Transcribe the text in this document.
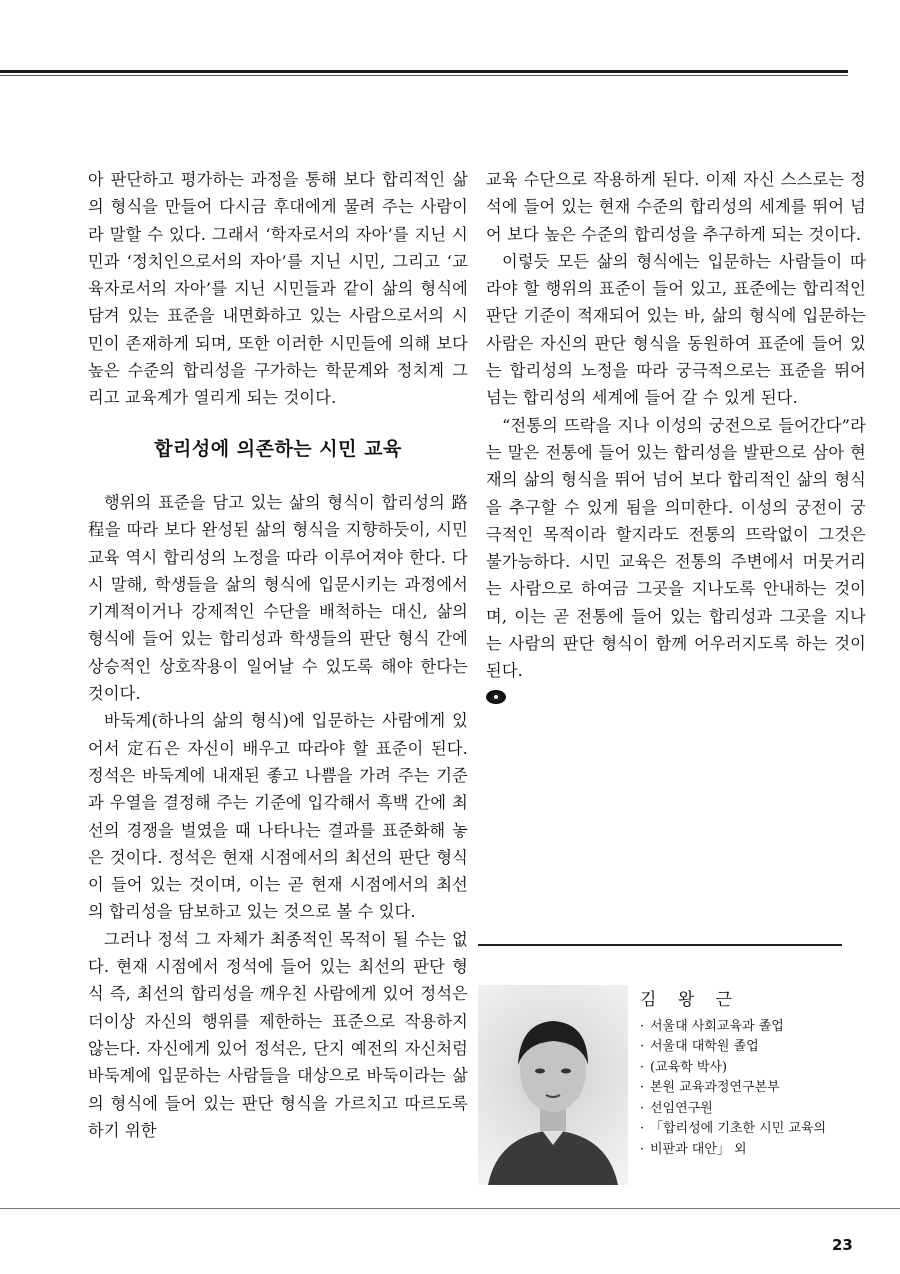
아 판단하고 평가하는 과정을 통해 보다 합리적인 삶의 형식을 만들어 다시금 후대에게 물려 주는 사람이라 말할 수 있다. 그래서 ‘학자로서의 자아’를 지닌 시민과 ‘정치인으로서의 자아’를 지닌 시민, 그리고 ‘교육자로서의 자아’를 지닌 시민들과 같이 삶의 형식에 담겨 있는 표준을 내면화하고 있는 사람으로서의 시민이 존재하게 되며, 또한 이러한 시민들에 의해 보다 높은 수준의 합리성을 구가하는 학문계와 정치계 그리고 교육계가 열리게 되는 것이다.

합리성에 의존하는 시민 교육

행위의 표준을 담고 있는 삶의 형식이 합리성의 路程을 따라 보다 완성된 삶의 형식을 지향하듯이, 시민 교육 역시 합리성의 노정을 따라 이루어져야 한다. 다시 말해, 학생들을 삶의 형식에 입문시키는 과정에서 기계적이거나 강제적인 수단을 배척하는 대신, 삶의 형식에 들어 있는 합리성과 학생들의 판단 형식 간에 상승적인 상호작용이 일어날 수 있도록 해야 한다는 것이다.

바둑계(하나의 삶의 형식)에 입문하는 사람에게 있어서 定石은 자신이 배우고 따라야 할 표준이 된다. 정석은 바둑계에 내재된 좋고 나쁨을 가려 주는 기준과 우열을 결정해 주는 기준에 입각해서 흑백 간에 최선의 경쟁을 벌였을 때 나타나는 결과를 표준화해 놓은 것이다. 정석은 현재 시점에서의 최선의 판단 형식이 들어 있는 것이며, 이는 곧 현재 시점에서의 최선의 합리성을 담보하고 있는 것으로 볼 수 있다.

그러나 정석 그 자체가 최종적인 목적이 될 수는 없다. 현재 시점에서 정석에 들어 있는 최선의 판단 형식 즉, 최선의 합리성을 깨우친 사람에게 있어 정석은 더이상 자신의 행위를 제한하는 표준으로 작용하지 않는다. 자신에게 있어 정석은, 단지 예전의 자신처럼 바둑계에 입문하는 사람들을 대상으로 바둑이라는 삶의 형식에 들어 있는 판단 형식을 가르치고 따르도록 하기 위한

교육 수단으로 작용하게 된다. 이제 자신 스스로는 정석에 들어 있는 현재 수준의 합리성의 세계를 뛰어 넘어 보다 높은 수준의 합리성을 추구하게 되는 것이다.

이렇듯 모든 삶의 형식에는 입문하는 사람들이 따라야 할 행위의 표준이 들어 있고, 표준에는 합리적인 판단 기준이 적재되어 있는 바, 삶의 형식에 입문하는 사람은 자신의 판단 형식을 동원하여 표준에 들어 있는 합리성의 노정을 따라 궁극적으로는 표준을 뛰어 넘는 합리성의 세계에 들어 갈 수 있게 된다.

“전통의 뜨락을 지나 이성의 궁전으로 들어간다”라는 말은 전통에 들어 있는 합리성을 발판으로 삼아 현재의 삶의 형식을 뛰어 넘어 보다 합리적인 삶의 형식을 추구할 수 있게 됨을 의미한다. 이성의 궁전이 궁극적인 목적이라 할지라도 전통의 뜨락없이 그것은 불가능하다. 시민 교육은 전통의 주변에서 머뭇거리는 사람으로 하여금 그곳을 지나도록 안내하는 것이며, 이는 곧 전통에 들어 있는 합리성과 그곳을 지나는 사람의 판단 형식이 함께 어우러지도록 하는 것이 된다.

김 왕 근

· 서울대 사회교육과 졸업
· 서울대 대학원 졸업
· (교육학 박사)
· 본원 교육과정연구본부
· 선임연구원
· 「합리성에 기초한 시민 교육의
· 비판과 대안」 외
23
